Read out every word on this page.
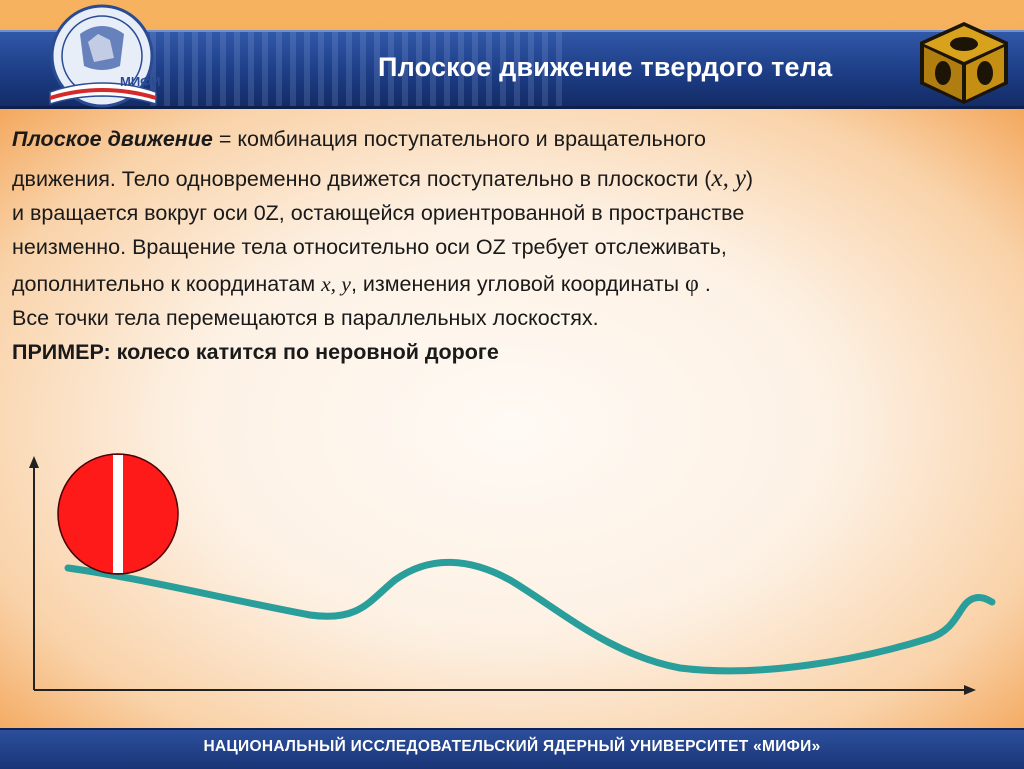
Плоское движение твердого тела
МИФИ
Плоское движение = комбинация поступательного и вращательного
движения. Тело одновременно движется поступательно в плоскости (x, y)
и вращается вокруг оси 0Z, остающейся ориентрованной в пространстве
неизменно. Вращение тела относительно оси OZ требует отслеживать,
дополнительно к координатам x, y, изменения угловой координаты φ .
Все точки тела перемещаются в параллельных лоскостях.
ПРИМЕР: колесо катится по неровной дороге
НАЦИОНАЛЬНЫЙ ИССЛЕДОВАТЕЛЬСКИЙ ЯДЕРНЫЙ УНИВЕРСИТЕТ «МИФИ»
